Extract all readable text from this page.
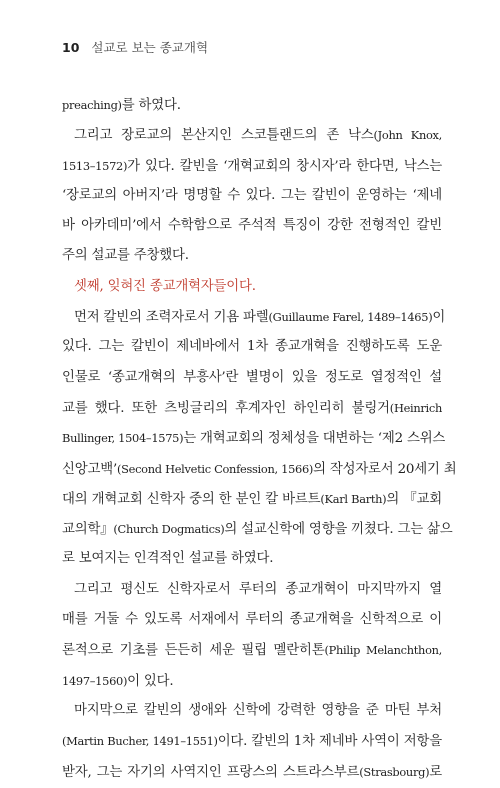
10 설교로 보는 종교개혁
preaching)를 하였다.
그리고 장로교의 본산지인 스코틀랜드의 존 낙스(John Knox,
1513–1572)가 있다. 칼빈을 ‘개혁교회의 창시자’라 한다면, 낙스는
‘장로교의 아버지’라 명명할 수 있다. 그는 칼빈이 운영하는 ‘제네
바 아카데미’에서 수학함으로 주석적 특징이 강한 전형적인 칼빈
주의 설교를 주창했다.
셋째, 잊혀진 종교개혁자들이다.
먼저 칼빈의 조력자로서 기욤 파렐(Guillaume Farel, 1489–1465)이
있다. 그는 칼빈이 제네바에서 1차 종교개혁을 진행하도록 도운
인물로 ‘종교개혁의 부흥사’란 별명이 있을 정도로 열정적인 설
교를 했다. 또한 츠빙글리의 후계자인 하인리히 불링거(Heinrich
Bullinger, 1504–1575)는 개혁교회의 정체성을 대변하는 ‘제2 스위스
신앙고백’(Second Helvetic Confession, 1566)의 작성자로서 20세기 최
대의 개혁교회 신학자 중의 한 분인 칼 바르트(Karl Barth)의 『교회
교의학』(Church Dogmatics)의 설교신학에 영향을 끼쳤다. 그는 삶으
로 보여지는 인격적인 설교를 하였다.
그리고 평신도 신학자로서 루터의 종교개혁이 마지막까지 열
매를 거둘 수 있도록 서재에서 루터의 종교개혁을 신학적으로 이
론적으로 기초를 든든히 세운 필립 멜란히톤(Philip Melanchthon,
1497–1560)이 있다.
마지막으로 칼빈의 생애와 신학에 강력한 영향을 준 마틴 부처
(Martin Bucher, 1491–1551)이다. 칼빈의 1차 제네바 사역이 저항을
받자, 그는 자기의 사역지인 프랑스의 스트라스부르(Strasbourg)로
